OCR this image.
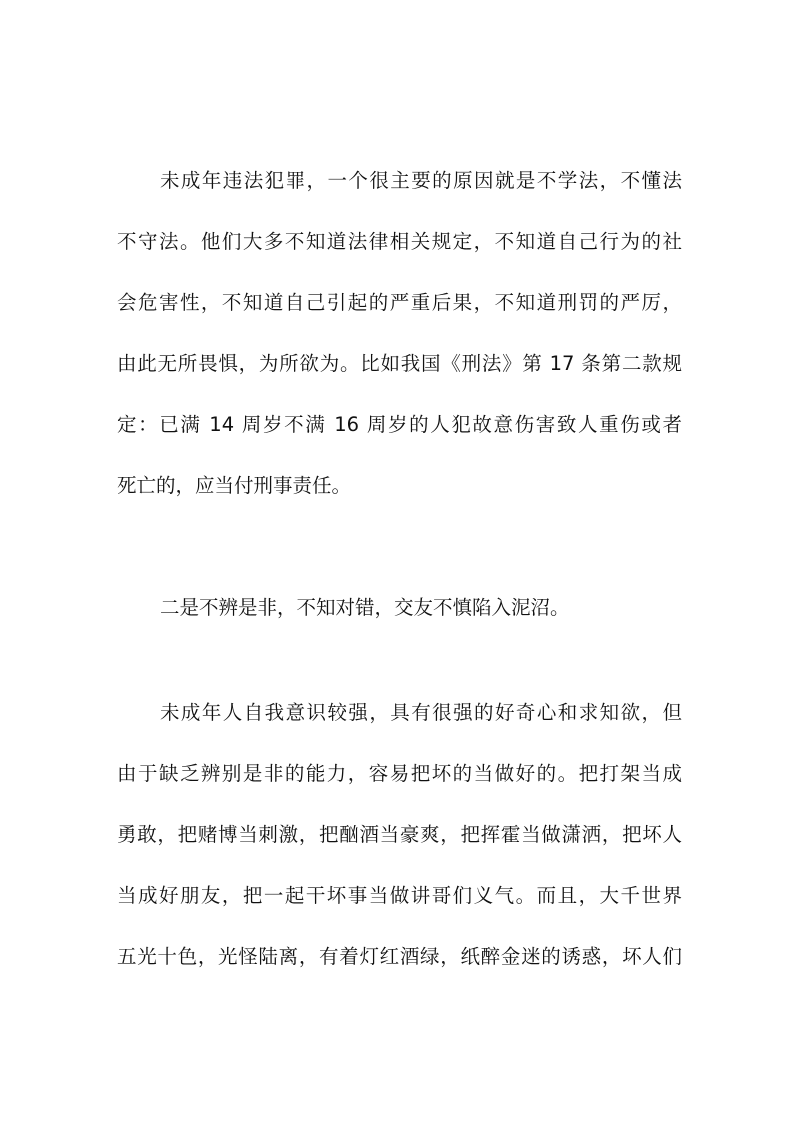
未成年违法犯罪，一个很主要的原因就是不学法，不懂法
不守法。他们大多不知道法律相关规定，不知道自己行为的社
会危害性，不知道自己引起的严重后果，不知道刑罚的严厉，
由此无所畏惧，为所欲为。比如我国《刑法》第 17 条第二款规
定：已满 14 周岁不满 16 周岁的人犯故意伤害致人重伤或者
死亡的，应当付刑事责任。
二是不辨是非，不知对错，交友不慎陷入泥沼。
未成年人自我意识较强，具有很强的好奇心和求知欲，但
由于缺乏辨别是非的能力，容易把坏的当做好的。把打架当成
勇敢，把赌博当刺激，把酗酒当豪爽，把挥霍当做潇洒，把坏人
当成好朋友，把一起干坏事当做讲哥们义气。而且，大千世界
五光十色，光怪陆离，有着灯红酒绿，纸醉金迷的诱惑，坏人们
